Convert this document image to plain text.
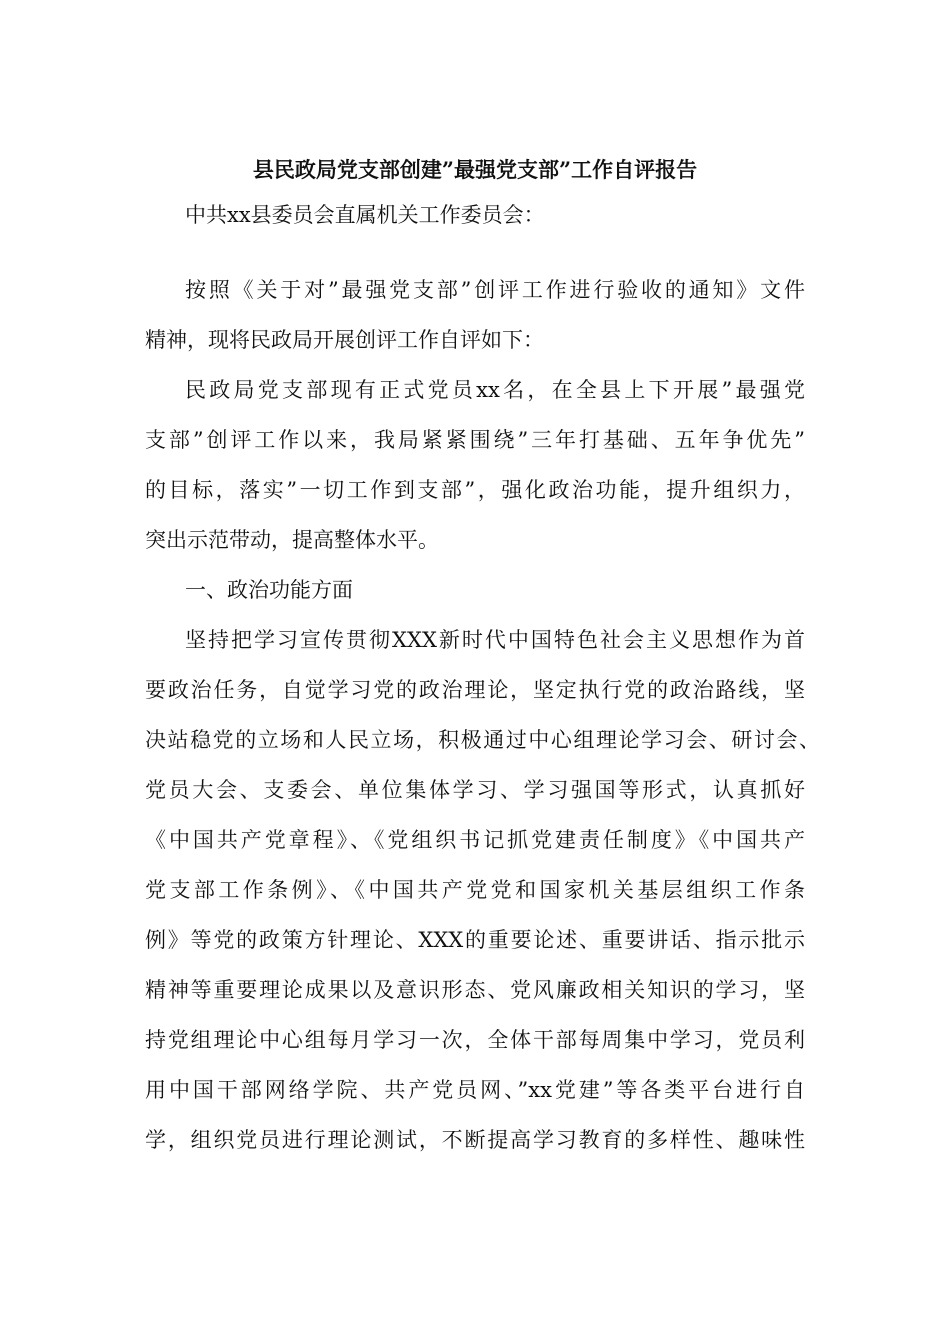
县民政局党支部创建”最强党支部”工作自评报告
中共xx县委员会直属机关工作委员会：
按照《关于对”最强党支部”创评工作进行验收的通知》文件
精神，现将民政局开展创评工作自评如下：
民政局党支部现有正式党员xx名，在全县上下开展”最强党
支部”创评工作以来，我局紧紧围绕”三年打基础、五年争优先”
的目标，落实”一切工作到支部”，强化政治功能，提升组织力，
突出示范带动，提高整体水平。
一、政治功能方面
坚持把学习宣传贯彻XXX新时代中国特色社会主义思想作为首
要政治任务，自觉学习党的政治理论，坚定执行党的政治路线，坚
决站稳党的立场和人民立场，积极通过中心组理论学习会、研讨会、
党员大会、支委会、单位集体学习、学习强国等形式，认真抓好
《中国共产党章程》、《党组织书记抓党建责任制度》《中国共产
党支部工作条例》、《中国共产党党和国家机关基层组织工作条
例》等党的政策方针理论、XXX的重要论述、重要讲话、指示批示
精神等重要理论成果以及意识形态、党风廉政相关知识的学习，坚
持党组理论中心组每月学习一次，全体干部每周集中学习，党员利
用中国干部网络学院、共产党员网、”xx党建”等各类平台进行自
学，组织党员进行理论测试，不断提高学习教育的多样性、趣味性
